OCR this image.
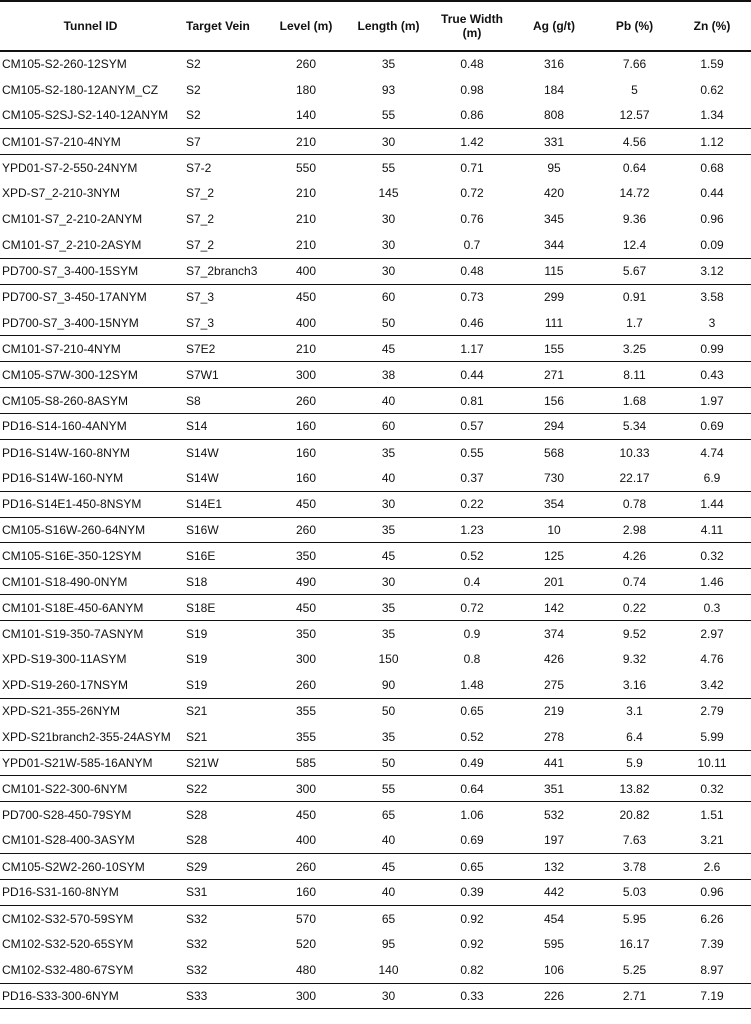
Tunnel ID	Target Vein	Level (m)	Length (m)	True Width (m)	Ag (g/t)	Pb (%)	Zn (%)
CM105-S2-260-12SYM	S2	260	35	0.48	316	7.66	1.59
CM105-S2-180-12ANYM_CZ	S2	180	93	0.98	184	5	0.62
CM105-S2SJ-S2-140-12ANYM	S2	140	55	0.86	808	12.57	1.34
CM101-S7-210-4NYM	S7	210	30	1.42	331	4.56	1.12
YPD01-S7-2-550-24NYM	S7-2	550	55	0.71	95	0.64	0.68
XPD-S7_2-210-3NYM	S7_2	210	145	0.72	420	14.72	0.44
CM101-S7_2-210-2ANYM	S7_2	210	30	0.76	345	9.36	0.96
CM101-S7_2-210-2ASYM	S7_2	210	30	0.7	344	12.4	0.09
PD700-S7_3-400-15SYM	S7_2branch3	400	30	0.48	115	5.67	3.12
PD700-S7_3-450-17ANYM	S7_3	450	60	0.73	299	0.91	3.58
PD700-S7_3-400-15NYM	S7_3	400	50	0.46	111	1.7	3
CM101-S7-210-4NYM	S7E2	210	45	1.17	155	3.25	0.99
CM105-S7W-300-12SYM	S7W1	300	38	0.44	271	8.11	0.43
CM105-S8-260-8ASYM	S8	260	40	0.81	156	1.68	1.97
PD16-S14-160-4ANYM	S14	160	60	0.57	294	5.34	0.69
PD16-S14W-160-8NYM	S14W	160	35	0.55	568	10.33	4.74
PD16-S14W-160-NYM	S14W	160	40	0.37	730	22.17	6.9
PD16-S14E1-450-8NSYM	S14E1	450	30	0.22	354	0.78	1.44
CM105-S16W-260-64NYM	S16W	260	35	1.23	10	2.98	4.11
CM105-S16E-350-12SYM	S16E	350	45	0.52	125	4.26	0.32
CM101-S18-490-0NYM	S18	490	30	0.4	201	0.74	1.46
CM101-S18E-450-6ANYM	S18E	450	35	0.72	142	0.22	0.3
CM101-S19-350-7ASNYM	S19	350	35	0.9	374	9.52	2.97
XPD-S19-300-11ASYM	S19	300	150	0.8	426	9.32	4.76
XPD-S19-260-17NSYM	S19	260	90	1.48	275	3.16	3.42
XPD-S21-355-26NYM	S21	355	50	0.65	219	3.1	2.79
XPD-S21branch2-355-24ASYM	S21	355	35	0.52	278	6.4	5.99
YPD01-S21W-585-16ANYM	S21W	585	50	0.49	441	5.9	10.11
CM101-S22-300-6NYM	S22	300	55	0.64	351	13.82	0.32
PD700-S28-450-79SYM	S28	450	65	1.06	532	20.82	1.51
CM101-S28-400-3ASYM	S28	400	40	0.69	197	7.63	3.21
CM105-S2W2-260-10SYM	S29	260	45	0.65	132	3.78	2.6
PD16-S31-160-8NYM	S31	160	40	0.39	442	5.03	0.96
CM102-S32-570-59SYM	S32	570	65	0.92	454	5.95	6.26
CM102-S32-520-65SYM	S32	520	95	0.92	595	16.17	7.39
CM102-S32-480-67SYM	S32	480	140	0.82	106	5.25	8.97
PD16-S33-300-6NYM	S33	300	30	0.33	226	2.71	7.19
